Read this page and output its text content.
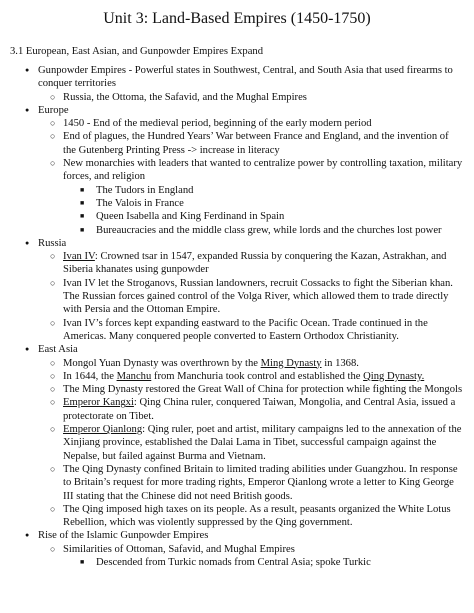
Unit 3: Land-Based Empires (1450-1750)

3.1 European, East Asian, and Gunpowder Empires Expand

● Gunpowder Empires - Powerful states in Southwest, Central, and South Asia that used firearms to conquer territories
○ Russia, the Ottoma, the Safavid, and the Mughal Empires
● Europe
○ 1450 - End of the medieval period, beginning of the early modern period
○ End of plagues, the Hundred Years’ War between France and England, and the invention of the Gutenberg Printing Press -> increase in literacy
○ New monarchies with leaders that wanted to centralize power by controlling taxation, military forces, and religion
■ The Tudors in England
■ The Valois in France
■ Queen Isabella and King Ferdinand in Spain
■ Bureaucracies and the middle class grew, while lords and the churches lost power
● Russia
○ Ivan IV: Crowned tsar in 1547, expanded Russia by conquering the Kazan, Astrakhan, and Siberia khanates using gunpowder
○ Ivan IV let the Stroganovs, Russian landowners, recruit Cossacks to fight the Siberian khan. The Russian forces gained control of the Volga River, which allowed them to trade directly with Persia and the Ottoman Empire.
○ Ivan IV’s forces kept expanding eastward to the Pacific Ocean. Trade continued in the Americas. Many conquered people converted to Eastern Orthodox Christianity.
● East Asia
○ Mongol Yuan Dynasty was overthrown by the Ming Dynasty in 1368.
○ In 1644, the Manchu from Manchuria took control and established the Qing Dynasty.
○ The Ming Dynasty restored the Great Wall of China for protection while fighting the Mongols
○ Emperor Kangxi: Qing China ruler, conquered Taiwan, Mongolia, and Central Asia, issued a protectorate on Tibet.
○ Emperor Qianlong: Qing ruler, poet and artist, military campaigns led to the annexation of the Xinjiang province, established the Dalai Lama in Tibet, successful campaign against the Nepalse, but failed against Burma and Vietnam.
○ The Qing Dynasty confined Britain to limited trading abilities under Guangzhou. In response to Britain’s request for more trading rights, Emperor Qianlong wrote a letter to King George III stating that the Chinese did not need British goods.
○ The Qing imposed high taxes on its people. As a result, peasants organized the White Lotus Rebellion, which was violently suppressed by the Qing government.
● Rise of the Islamic Gunpowder Empires
○ Similarities of Ottoman, Safavid, and Mughal Empires
■ Descended from Turkic nomads from Central Asia; spoke Turkic
